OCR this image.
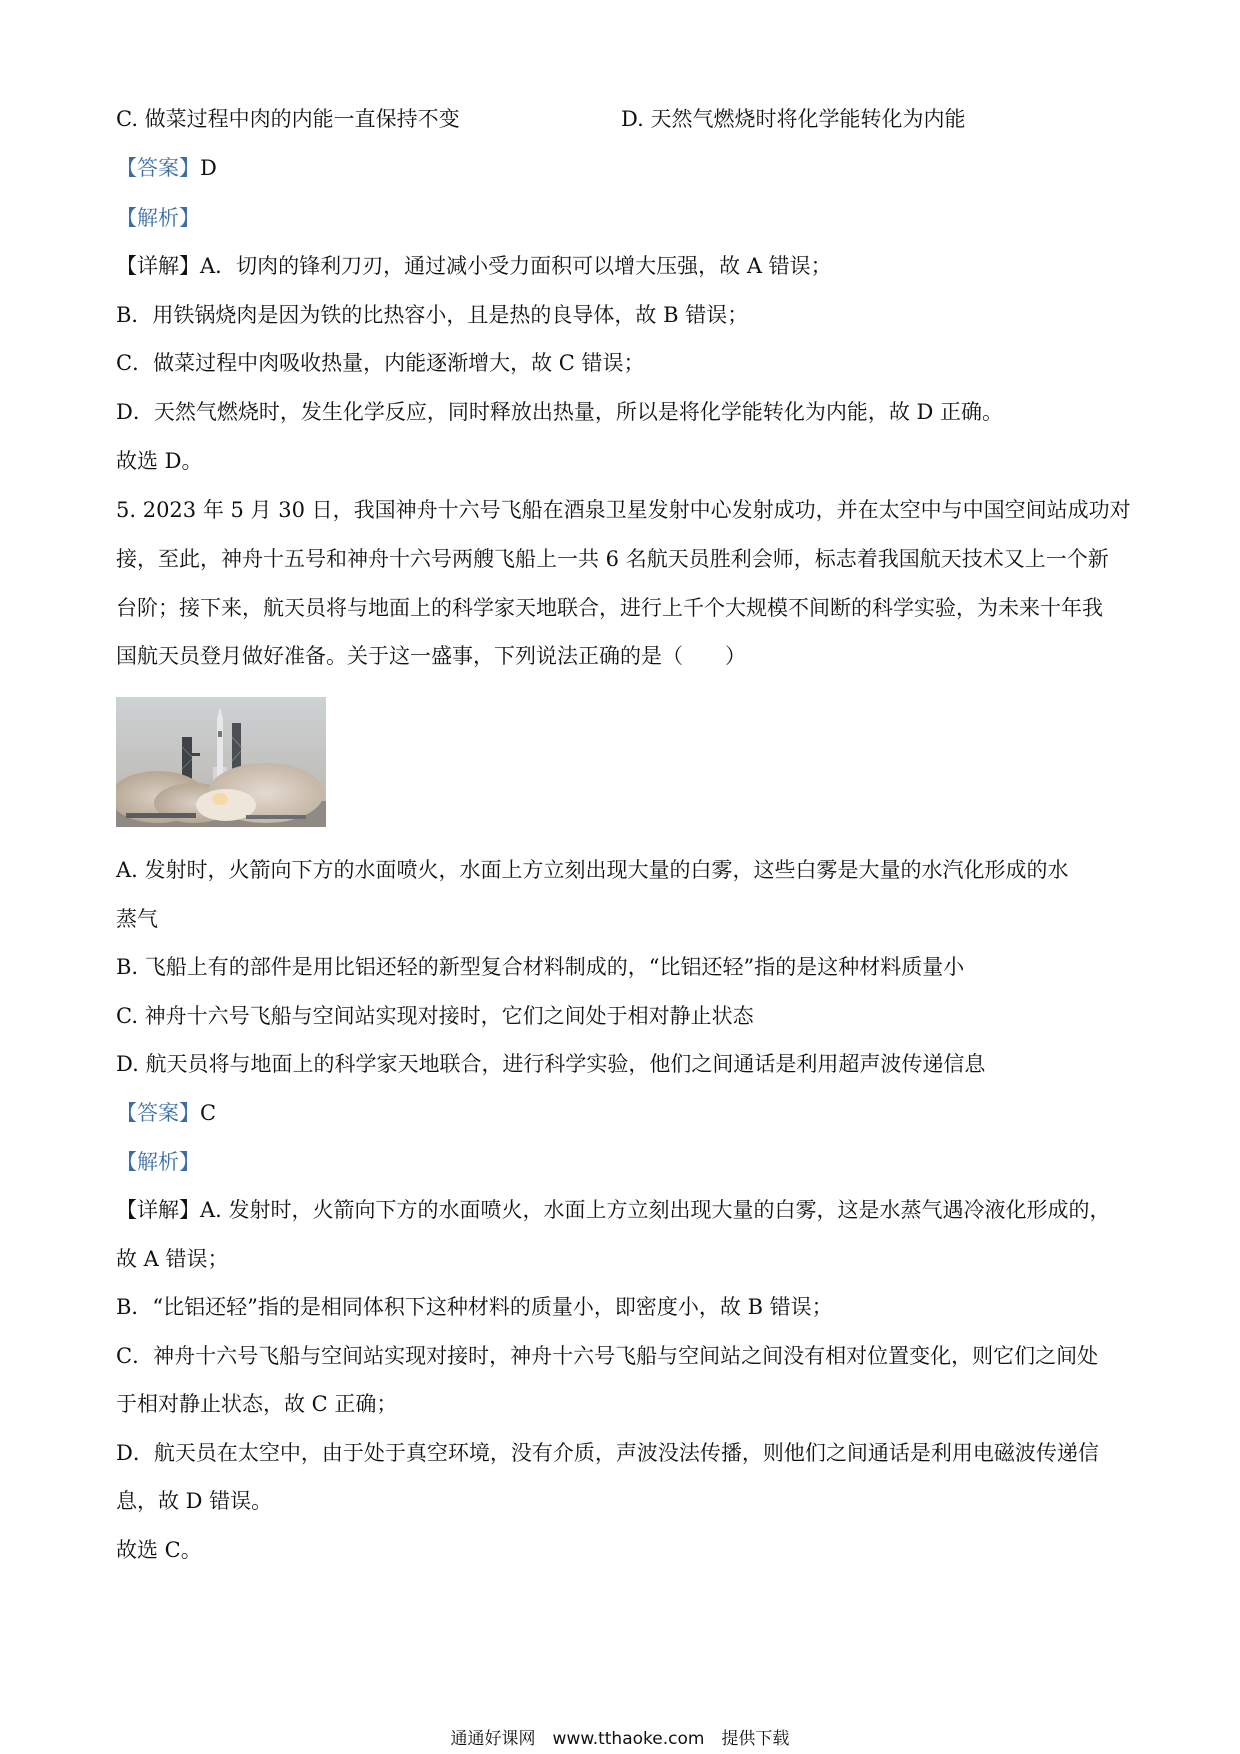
C. 做菜过程中肉的内能一直保持不变	D. 天然气燃烧时将化学能转化为内能
【答案】D
【解析】
【详解】A．切肉的锋利刀刃，通过减小受力面积可以增大压强，故 A 错误；
B．用铁锅烧肉是因为铁的比热容小，且是热的良导体，故 B 错误；
C．做菜过程中肉吸收热量，内能逐渐增大，故 C 错误；
D．天然气燃烧时，发生化学反应，同时释放出热量，所以是将化学能转化为内能，故 D 正确。
故选 D。
5. 2023 年 5 月 30 日，我国神舟十六号飞船在酒泉卫星发射中心发射成功，并在太空中与中国空间站成功对
接，至此，神舟十五号和神舟十六号两艘飞船上一共 6 名航天员胜利会师，标志着我国航天技术又上一个新
台阶；接下来，航天员将与地面上的科学家天地联合，进行上千个大规模不间断的科学实验，为未来十年我
国航天员登月做好准备。关于这一盛事，下列说法正确的是（　　）
A. 发射时，火箭向下方的水面喷火，水面上方立刻出现大量的白雾，这些白雾是大量的水汽化形成的水
蒸气
B. 飞船上有的部件是用比铝还轻的新型复合材料制成的，“比铝还轻”指的是这种材料质量小
C. 神舟十六号飞船与空间站实现对接时，它们之间处于相对静止状态
D. 航天员将与地面上的科学家天地联合，进行科学实验，他们之间通话是利用超声波传递信息
【答案】C
【解析】
【详解】A. 发射时，火箭向下方的水面喷火，水面上方立刻出现大量的白雾，这是水蒸气遇冷液化形成的，
故 A 错误；
B．“比铝还轻”指的是相同体积下这种材料的质量小，即密度小，故 B 错误；
C．神舟十六号飞船与空间站实现对接时，神舟十六号飞船与空间站之间没有相对位置变化，则它们之间处
于相对静止状态，故 C 正确；
D．航天员在太空中，由于处于真空环境，没有介质，声波没法传播，则他们之间通话是利用电磁波传递信
息，故 D 错误。
故选 C。
通通好课网　www.tthaoke.com　提供下载
